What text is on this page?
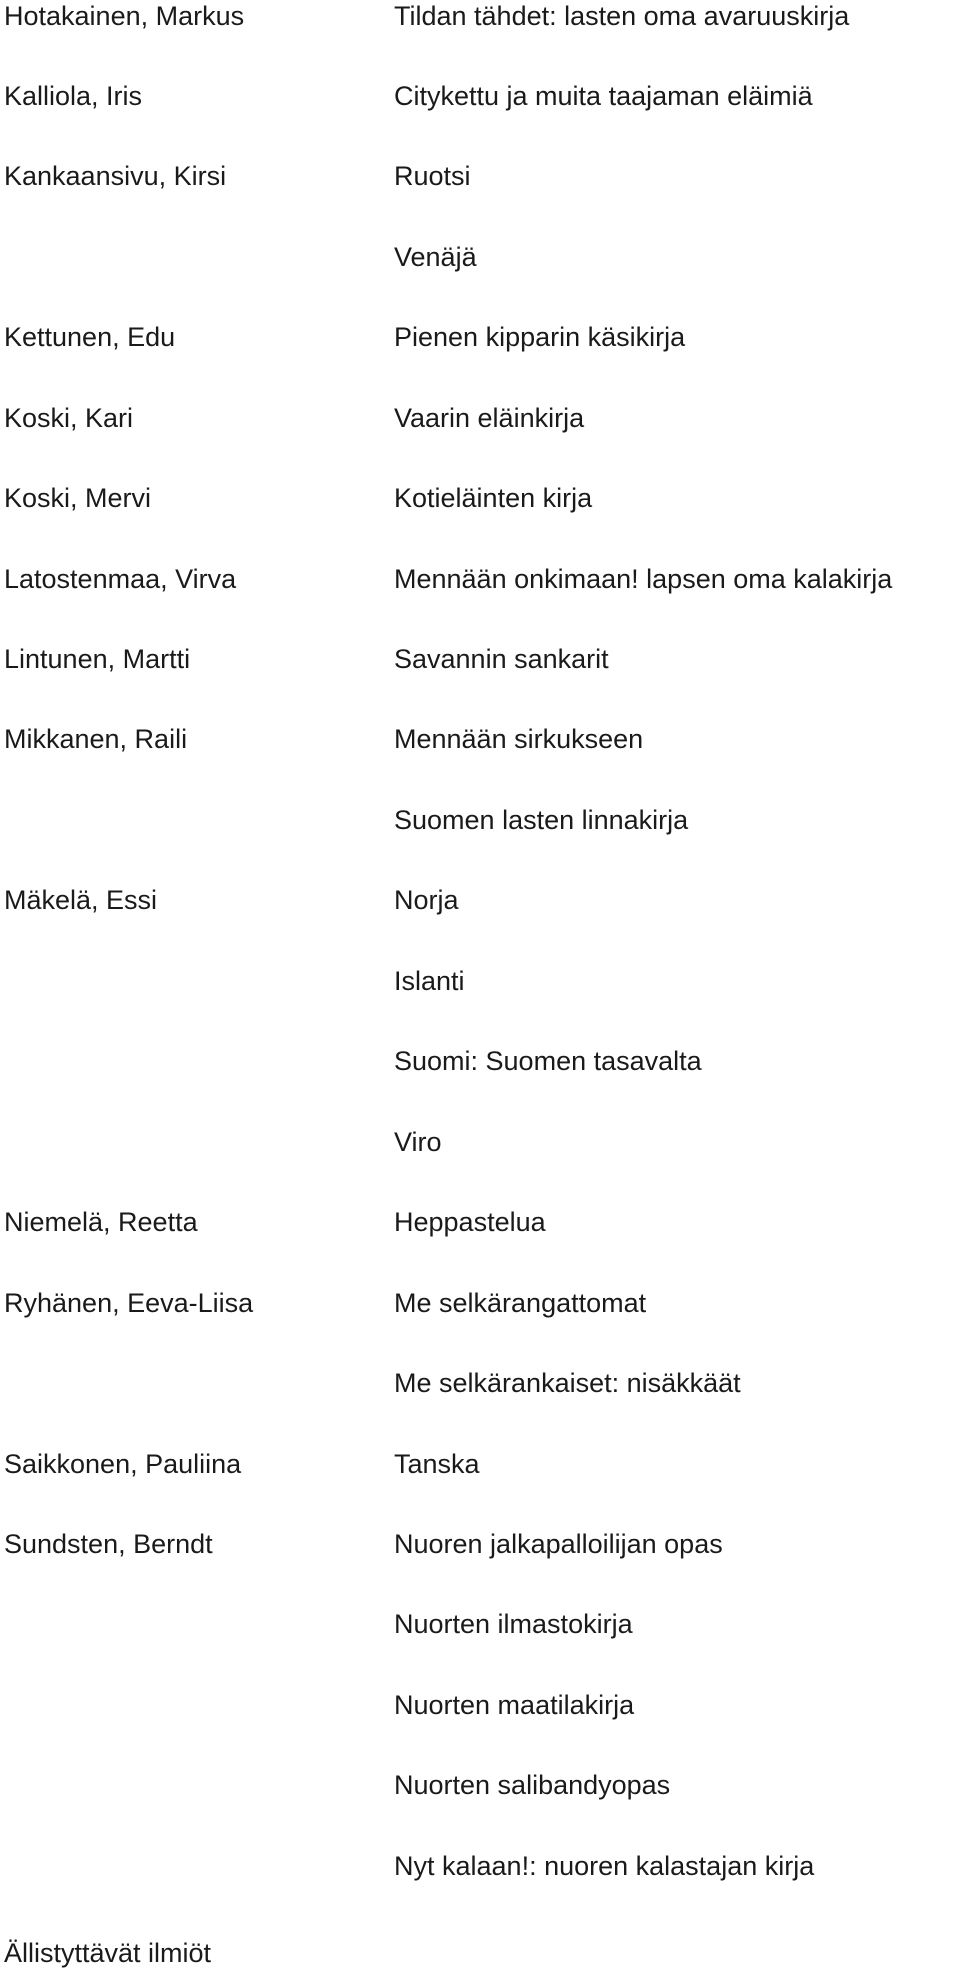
Hotakainen, Markus	Tildan tähdet: lasten oma avaruuskirja
Kalliola, Iris	Citykettu ja muita taajaman eläimiä
Kankaansivu, Kirsi	Ruotsi
Venäjä
Kettunen, Edu	Pienen kipparin käsikirja
Koski, Kari	Vaarin eläinkirja
Koski, Mervi	Kotieläinten kirja
Latostenmaa, Virva	Mennään onkimaan! lapsen oma kalakirja
Lintunen, Martti	Savannin sankarit
Mikkanen, Raili	Mennään sirkukseen
Suomen lasten linnakirja
Mäkelä, Essi	Norja
Islanti
Suomi: Suomen tasavalta
Viro
Niemelä, Reetta	Heppastelua
Ryhänen, Eeva-Liisa	Me selkärangattomat
Me selkärankaiset: nisäkkäät
Saikkonen, Pauliina	Tanska
Sundsten, Berndt	Nuoren jalkapalloilijan opas
Nuorten ilmastokirja
Nuorten maatilakirja
Nuorten salibandyopas
Nyt kalaan!: nuoren kalastajan kirja
Ällistyttävät ilmiöt
